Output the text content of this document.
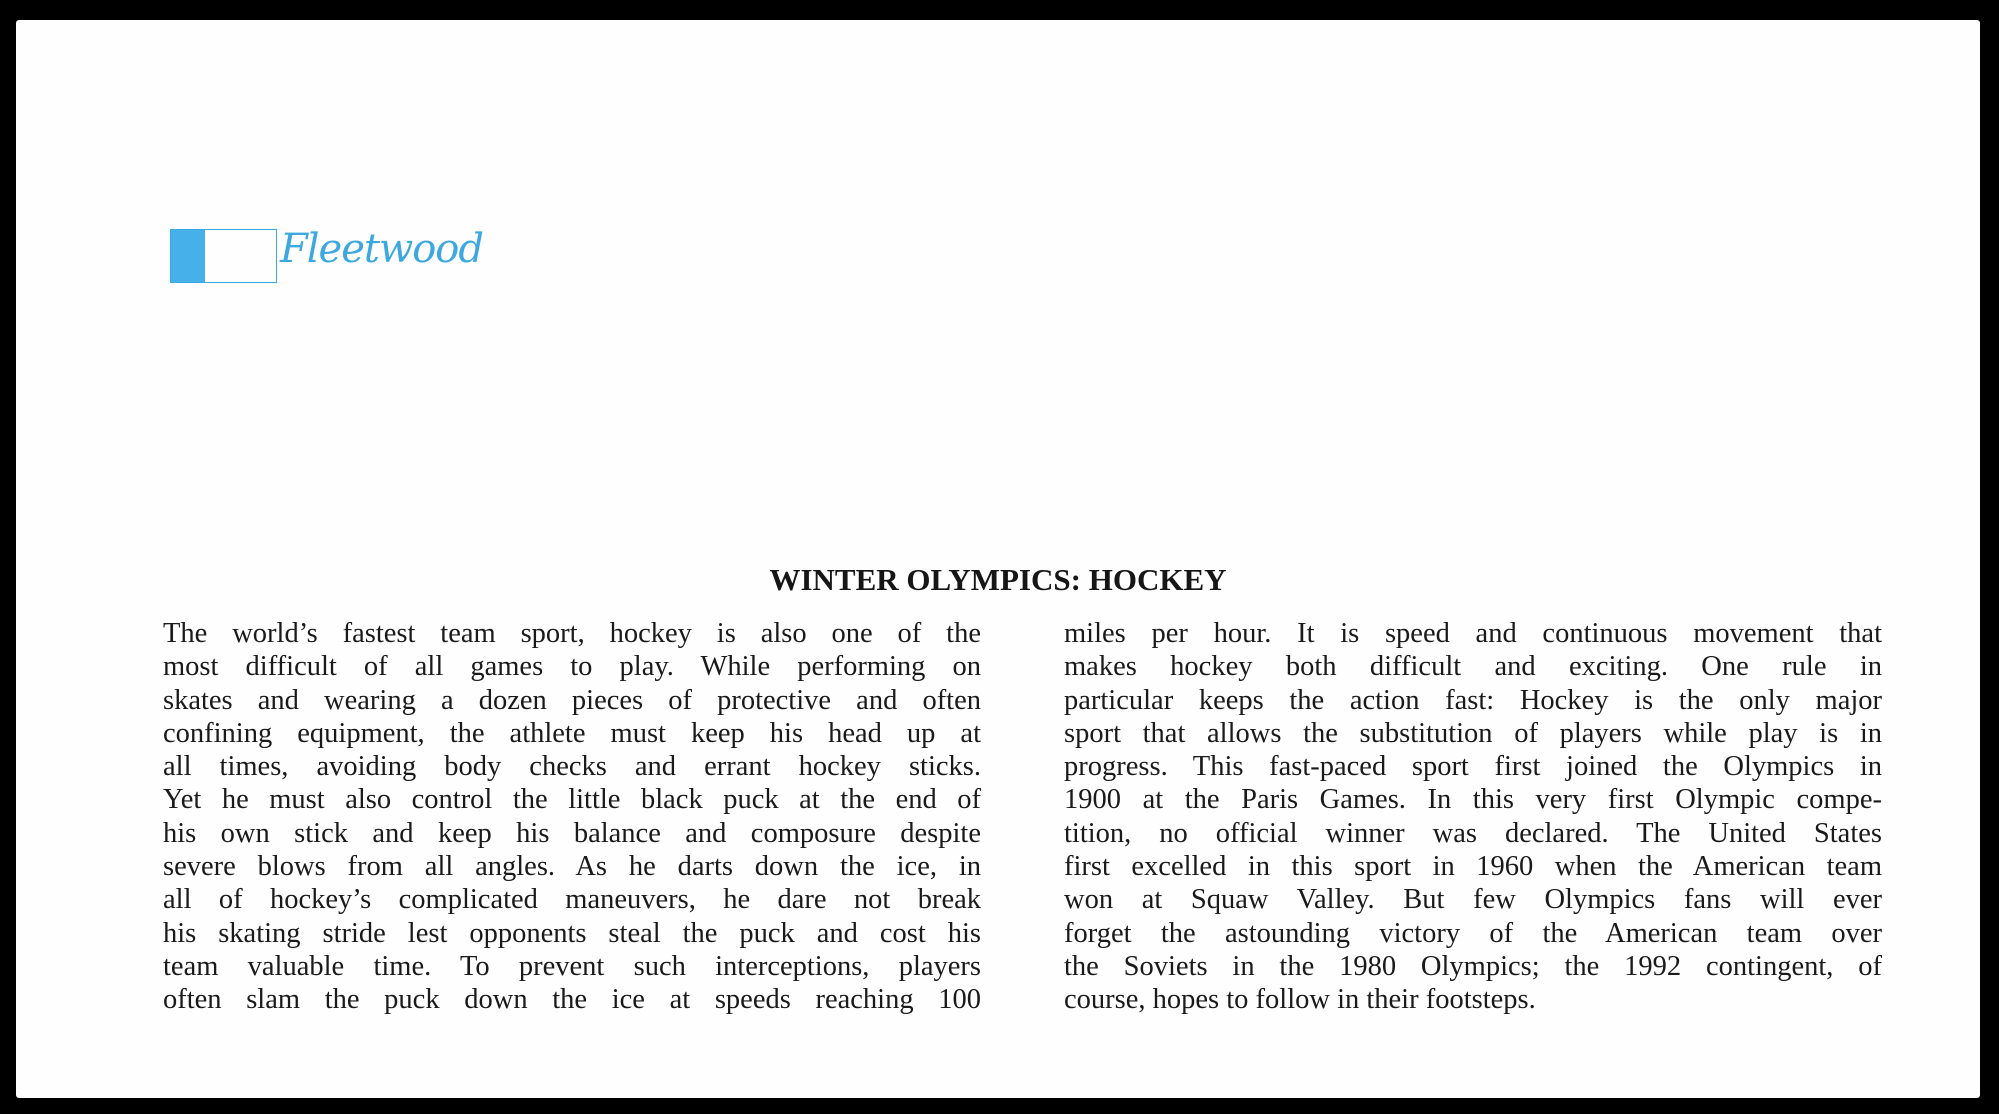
Fleetwood
WINTER OLYMPICS: HOCKEY
The world’s fastest team sport, hockey is also one of the
most difficult of all games to play. While performing on
skates and wearing a dozen pieces of protective and often
confining equipment, the athlete must keep his head up at
all times, avoiding body checks and errant hockey sticks.
Yet he must also control the little black puck at the end of
his own stick and keep his balance and composure despite
severe blows from all angles. As he darts down the ice, in
all of hockey’s complicated maneuvers, he dare not break
his skating stride lest opponents steal the puck and cost his
team valuable time. To prevent such interceptions, players
often slam the puck down the ice at speeds reaching 100
miles per hour. It is speed and continuous movement that
makes hockey both difficult and exciting. One rule in
particular keeps the action fast: Hockey is the only major
sport that allows the substitution of players while play is in
progress. This fast-paced sport first joined the Olympics in
1900 at the Paris Games. In this very first Olympic compe-
tition, no official winner was declared. The United States
first excelled in this sport in 1960 when the American team
won at Squaw Valley. But few Olympics fans will ever
forget the astounding victory of the American team over
the Soviets in the 1980 Olympics; the 1992 contingent, of
course, hopes to follow in their footsteps.
